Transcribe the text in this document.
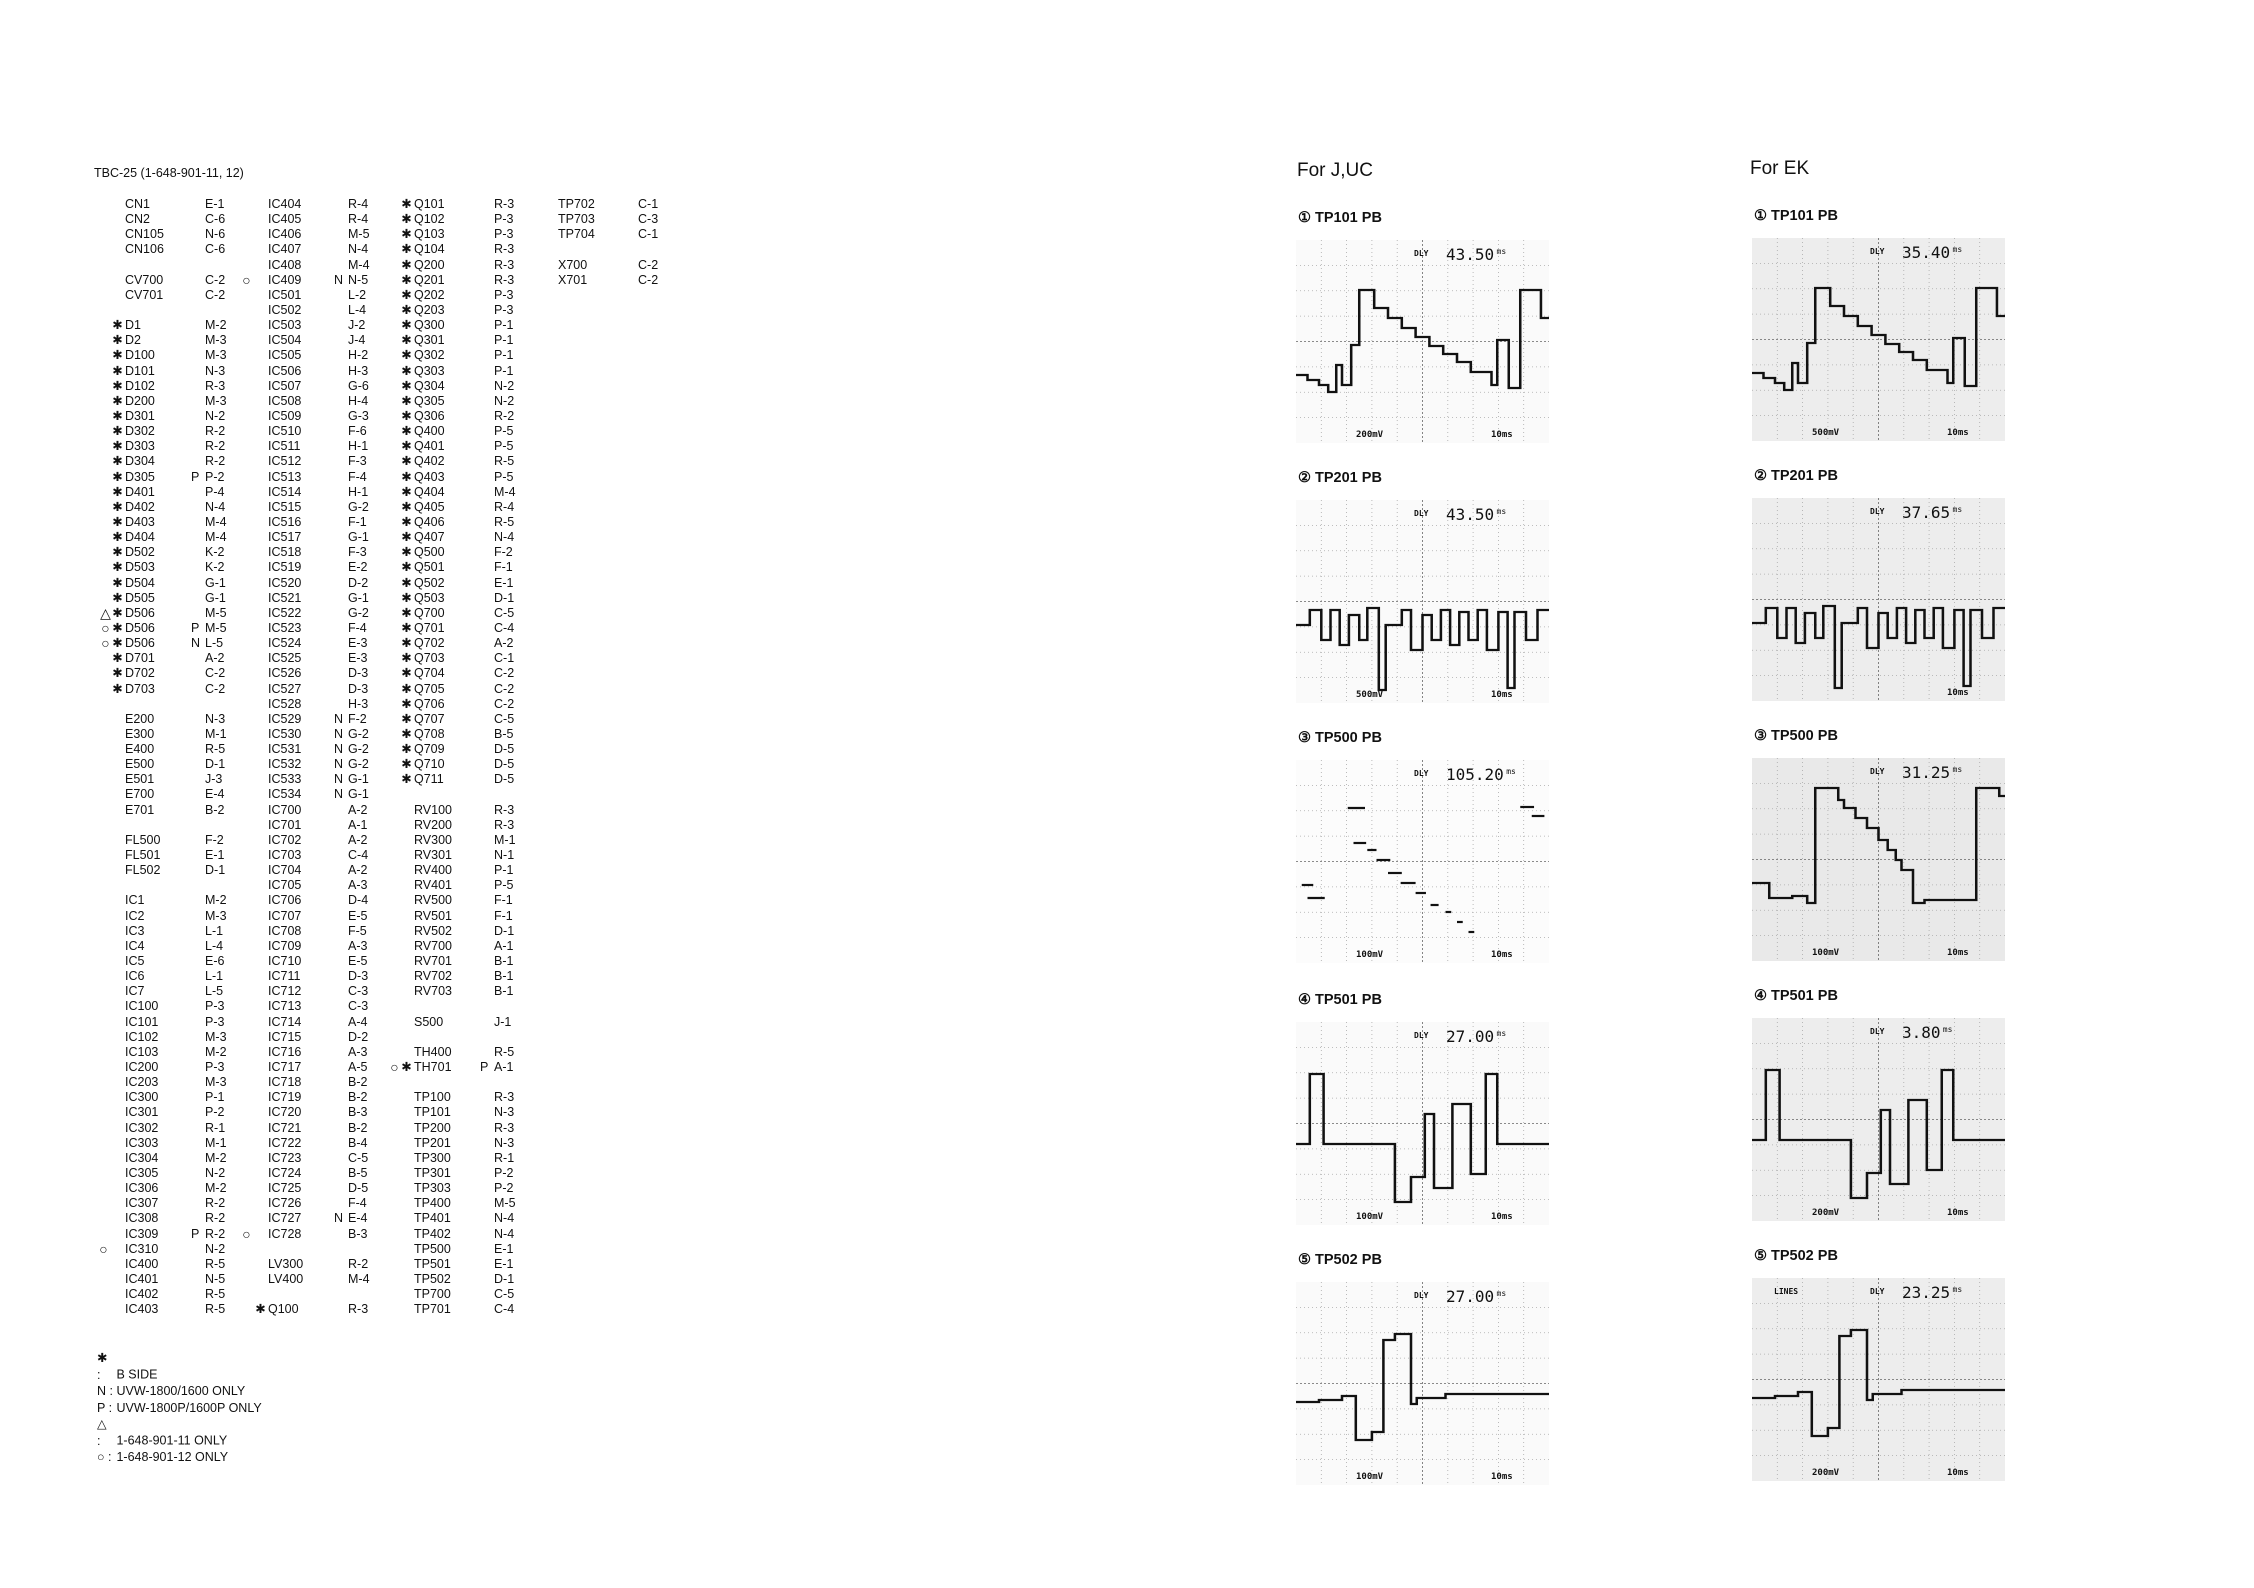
TBC-25 (1-648-901-11, 12)
CN1	E-1
CN2	C-6
CN105	N-6
CN106	C-6
CV700	C-2
CV701	C-2
✱ D1	M-2
✱ D2	M-3
✱ D100	M-3
✱ D101	N-3
✱ D102	R-3
✱ D200	M-3
✱ D301	N-2
✱ D302	R-2
✱ D303	R-2
✱ D304	R-2
✱ D305	P P-2
✱ D401	P-4
✱ D402	N-4
✱ D403	M-4
✱ D404	M-4
✱ D502	K-2
✱ D503	K-2
✱ D504	G-1
✱ D505	G-1
△ ✱ D506	M-5
○ ✱ D506	P M-5
○ ✱ D506	N L-5
✱ D701	A-2
✱ D702	C-2
✱ D703	C-2
E200	N-3
E300	M-1
E400	R-5
E500	D-1
E501	J-3
E700	E-4
E701	B-2
FL500	F-2
FL501	E-1
FL502	D-1
IC1	M-2
IC2	M-3
IC3	L-1
IC4	L-4
IC5	E-6
IC6	L-1
IC7	L-5
IC100	P-3
IC101	P-3
IC102	M-3
IC103	M-2
IC200	P-3
IC203	M-3
IC300	P-1
IC301	P-2
IC302	R-1
IC303	M-1
IC304	M-2
IC305	N-2
IC306	M-2
IC307	R-2
IC308	R-2
IC309	P R-2
○ IC310	N-2
IC400	R-5
IC401	N-5
IC402	R-5
IC403	R-5
IC404	R-4
IC405	R-4
IC406	M-5
IC407	N-4
IC408	M-4
○ IC409	N N-5
IC501	L-2
IC502	L-4
IC503	J-2
IC504	J-4
IC505	H-2
IC506	H-3
IC507	G-6
IC508	H-4
IC509	G-3
IC510	F-6
IC511	H-1
IC512	F-3
IC513	F-4
IC514	H-1
IC515	G-2
IC516	F-1
IC517	G-1
IC518	F-3
IC519	E-2
IC520	D-2
IC521	G-1
IC522	G-2
IC523	F-4
IC524	E-3
IC525	E-3
IC526	D-3
IC527	D-3
IC528	H-3
IC529	N F-2
IC530	N G-2
IC531	N G-2
IC532	N G-2
IC533	N G-1
IC534	N G-1
IC700	A-2
IC701	A-1
IC702	A-2
IC703	C-4
IC704	A-2
IC705	A-3
IC706	D-4
IC707	E-5
IC708	F-5
IC709	A-3
IC710	E-5
IC711	D-3
IC712	C-3
IC713	C-3
IC714	A-4
IC715	D-2
IC716	A-3
IC717	A-5
IC718	B-2
IC719	B-2
IC720	B-3
IC721	B-2
IC722	B-4
IC723	C-5
IC724	B-5
IC725	D-5
IC726	F-4
IC727	N E-4
○ IC728	B-3
LV300	R-2
LV400	M-4
✱ Q100	R-3
✱ Q101	R-3
✱ Q102	P-3
✱ Q103	P-3
✱ Q104	R-3
✱ Q200	R-3
✱ Q201	R-3
✱ Q202	P-3
✱ Q203	P-3
✱ Q300	P-1
✱ Q301	P-1
✱ Q302	P-1
✱ Q303	P-1
✱ Q304	N-2
✱ Q305	N-2
✱ Q306	R-2
✱ Q400	P-5
✱ Q401	P-5
✱ Q402	R-5
✱ Q403	P-5
✱ Q404	M-4
✱ Q405	R-4
✱ Q406	R-5
✱ Q407	N-4
✱ Q500	F-2
✱ Q501	F-1
✱ Q502	E-1
✱ Q503	D-1
✱ Q700	C-5
✱ Q701	C-4
✱ Q702	A-2
✱ Q703	C-1
✱ Q704	C-2
✱ Q705	C-2
✱ Q706	C-2
✱ Q707	C-5
✱ Q708	B-5
✱ Q709	D-5
✱ Q710	D-5
✱ Q711	D-5
RV100	R-3
RV200	R-3
RV300	M-1
RV301	N-1
RV400	P-1
RV401	P-5
RV500	F-1
RV501	F-1
RV502	D-1
RV700	A-1
RV701	B-1
RV702	B-1
RV703	B-1
S500	J-1
TH400	R-5
○ ✱ TH701 P A-1
TP100	R-3
TP101	N-3
TP200	R-3
TP201	N-3
TP300	R-1
TP301	P-2
TP303	P-2
TP400	M-5
TP401	N-4
TP402	N-4
TP500	E-1
TP501	E-1
TP502	D-1
TP700	C-5
TP701	C-4
TP702	C-1
TP703	C-3
TP704	C-1
X700	C-2
X701	C-2
✱ : B SIDE
N : UVW-1800/1600 ONLY
P : UVW-1800P/1600P ONLY
△ : 1-648-901-11 ONLY
○ : 1-648-901-12 ONLY
For J,UC	For EK
① TP101 PB
DLY 43.50 ms
200mV	10ms
② TP201 PB
DLY 43.50 ms
500mV	10ms
③ TP500 PB
DLY 105.20 ms
100mV	10ms
④ TP501 PB
DLY 27.00 ms
100mV	10ms
⑤ TP502 PB
DLY 27.00 ms
100mV	10ms
① TP101 PB
DLY 35.40 ms
500mV	10ms
② TP201 PB
DLY 37.65 ms
10ms
③ TP500 PB
DLY 31.25 ms
100mV	10ms
④ TP501 PB
DLY 3.80 ms
200mV	10ms
⑤ TP502 PB
DLY 23.25 ms
200mV	10ms
LINES
